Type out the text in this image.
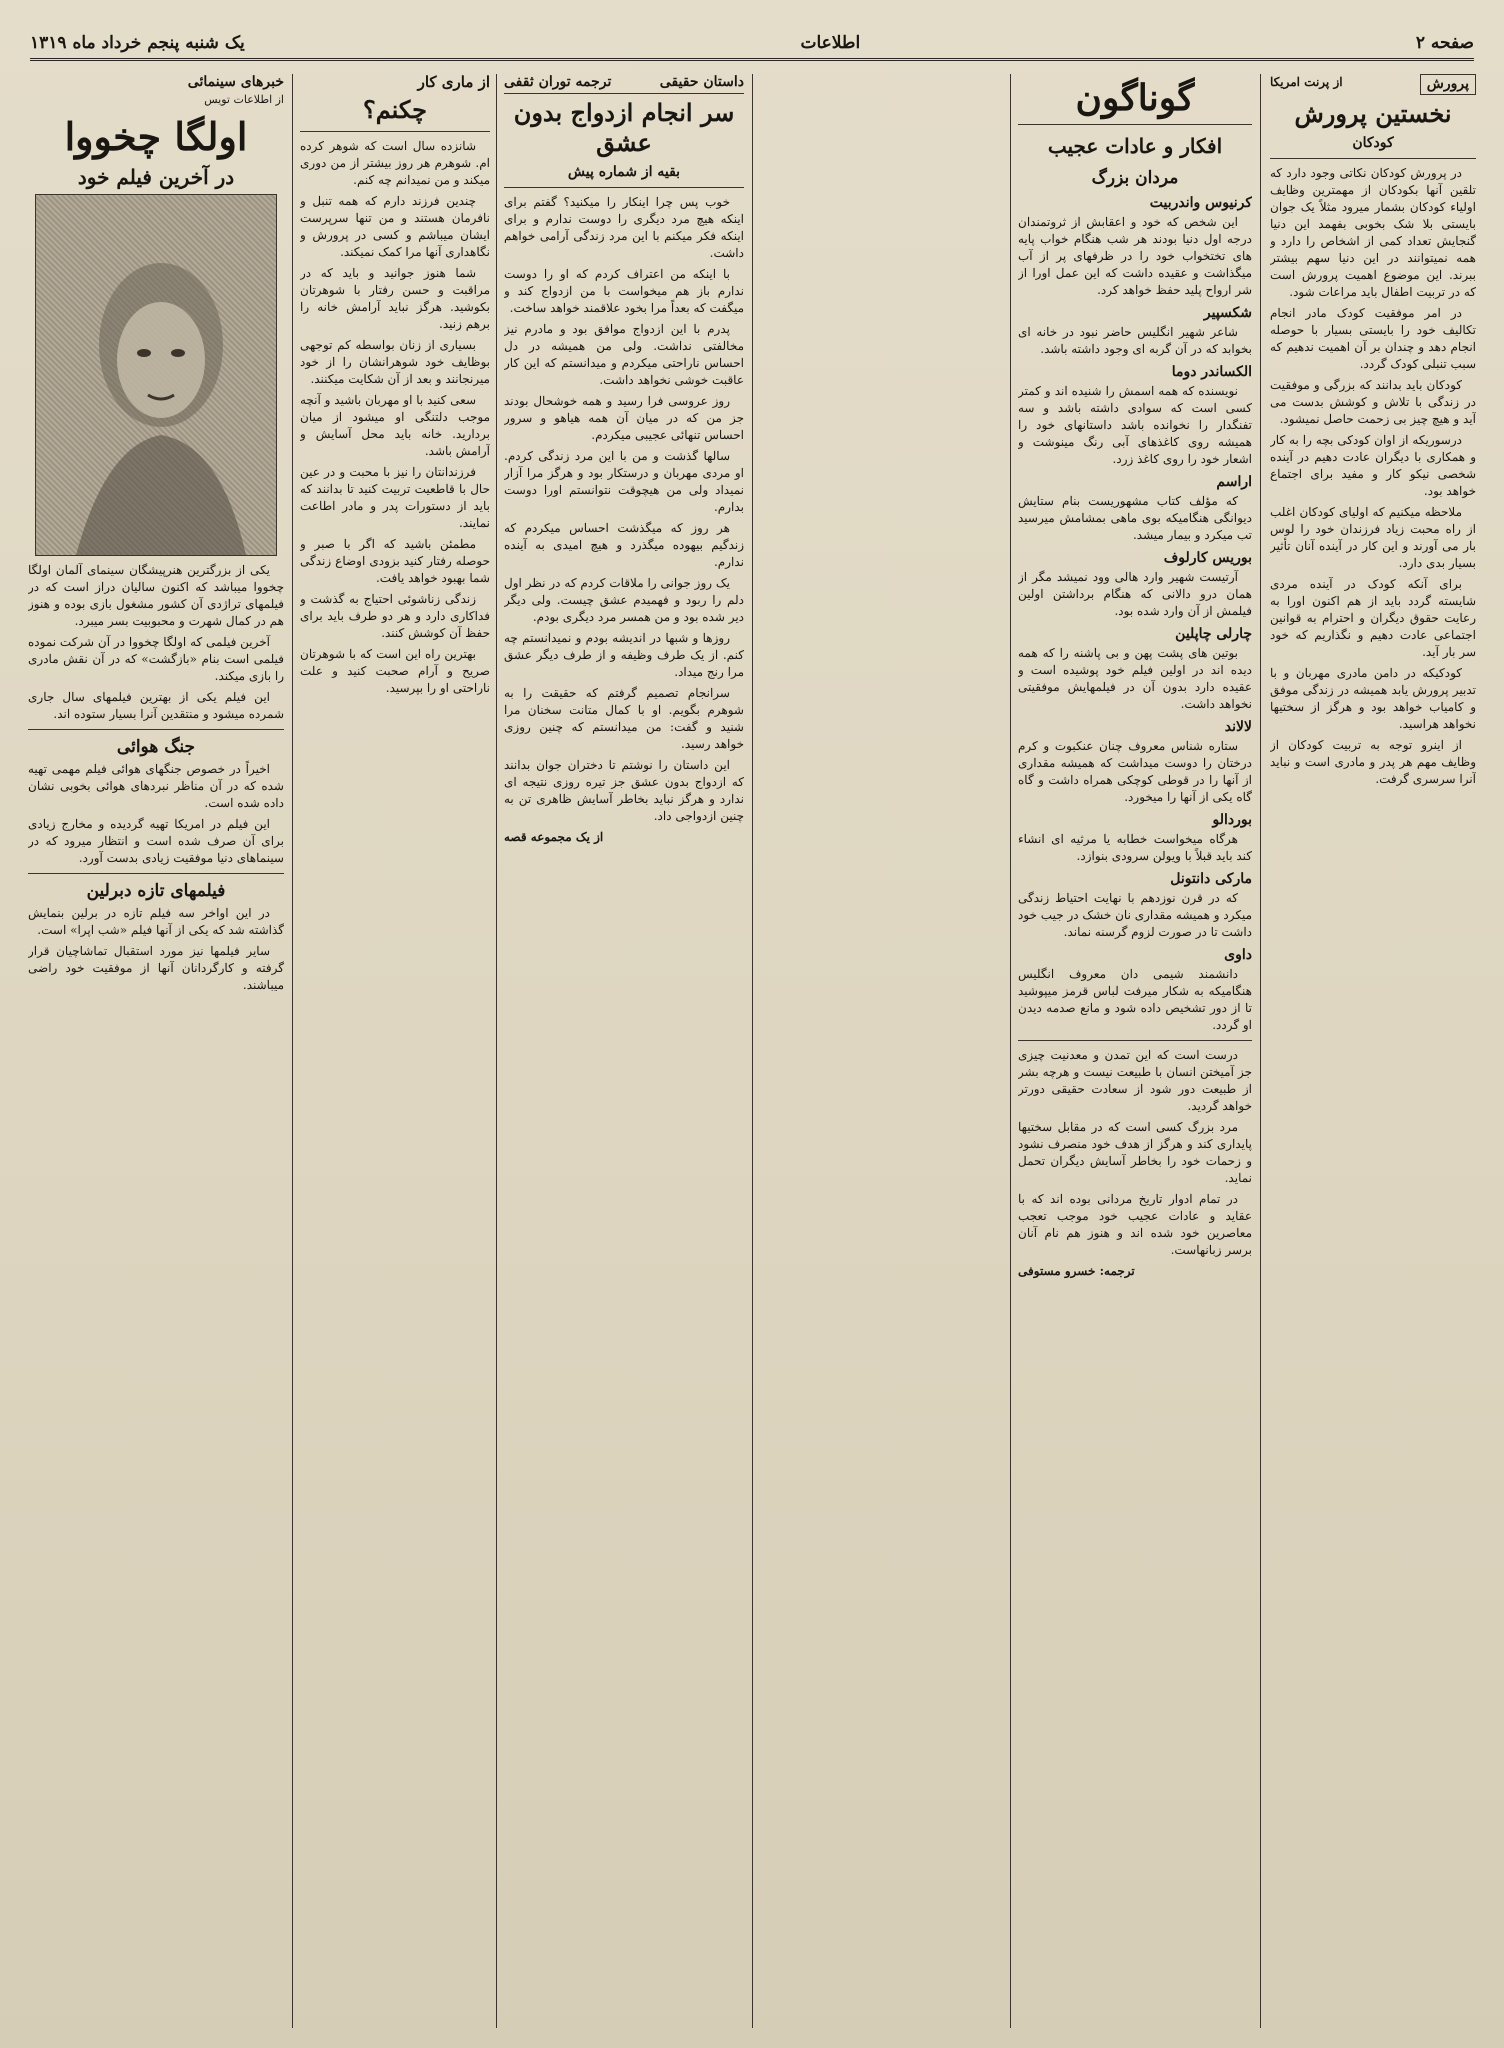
صفحه ۲
اطلاعات
یک شنبه پنجم خرداد ماه ۱۳۱۹
پرورش
از پرنت امریکا
نخستین پرورش
کودکان

در پرورش کودکان نکاتی وجود دارد که تلقین آنها بکودکان از مهمترین وظایف اولیاء کودکان بشمار میرود مثلاً یک جوان بایستی بلا شک بخوبی بفهمد این دنیا گنجایش تعداد کمی از اشخاص را دارد و همه نمیتوانند در این دنیا سهم بیشتر ببرند. این موضوع اهمیت پرورش است که در تربیت اطفال باید مراعات شود.

در امر موفقیت کودک مادر انجام تکالیف خود را بایستی بسیار با حوصله انجام دهد و چندان بر آن اهمیت ندهیم که سبب تنبلی کودک گردد.

کودکان باید بدانند که بزرگی و موفقیت در زندگی با تلاش و کوشش بدست می آید و هیچ چیز بی زحمت حاصل نمیشود.

درسوریکه از اوان کودکی بچه را به کار و همکاری با دیگران عادت دهیم در آینده شخصی نیکو کار و مفید برای اجتماع خواهد بود.

ملاحظه میکنیم که اولیای کودکان اغلب از راه محبت زیاد فرزندان خود را لوس بار می آورند و این کار در آینده آنان تأثیر بسیار بدی دارد.

برای آنکه کودک در آینده مردی شایسته گردد باید از هم اکنون اورا به رعایت حقوق دیگران و احترام به قوانین اجتماعی عادت دهیم و نگذاریم که خود سر بار آید.

کودکیکه در دامن مادری مهربان و با تدبیر پرورش یابد همیشه در زندگی موفق و کامیاب خواهد بود و هرگز از سختیها نخواهد هراسید.

از اینرو توجه به تربیت کودکان از وظایف مهم هر پدر و مادری است و نباید آنرا سرسری گرفت.

گوناگون
افکار و عادات عجیب
مردان بزرگ
کرنیوس واندربیت

این شخص که خود و اعقابش از ثروتمندان درجه اول دنیا بودند هر شب هنگام خواب پایه های تختخواب خود را در ظرفهای پر از آب میگذاشت و عقیده داشت که این عمل اورا از شر ارواح پلید حفظ خواهد کرد.

شکسپیر

شاعر شهیر انگلیس حاضر نبود در خانه ای بخوابد که در آن گربه ای وجود داشته باشد.

الکساندر دوما

نویسنده که همه اسمش را شنیده اند و کمتر کسی است که سوادی داشته باشد و سه تفنگدار را نخوانده باشد داستانهای خود را همیشه روی کاغذهای آبی رنگ مینوشت و اشعار خود را روی کاغذ زرد.

اراسم

که مؤلف کتاب مشهوریست بنام ستایش دیوانگی هنگامیکه بوی ماهی بمشامش میرسید تب میکرد و بیمار میشد.

بوریس کارلوف

آرتیست شهیر وارد هالی وود نمیشد مگر از همان درو دالانی که هنگام برداشتن اولین فیلمش از آن وارد شده بود.

چارلی چاپلین

بوتین های پشت پهن و بی پاشنه را که همه دیده اند در اولین فیلم خود پوشیده است و عقیده دارد بدون آن در فیلمهایش موفقیتی نخواهد داشت.

لالاند

ستاره شناس معروف چنان عنکبوت و کرم درختان را دوست میداشت که همیشه مقداری از آنها را در قوطی کوچکی همراه داشت و گاه گاه یکی از آنها را میخورد.

بوردالو

هرگاه میخواست خطابه یا مرثیه ای انشاء کند باید قبلاً با ویولن سرودی بنوازد.

مارکی دانتونل

که در قرن نوزدهم با نهایت احتیاط زندگی میکرد و همیشه مقداری نان خشک در جیب خود داشت تا در صورت لزوم گرسنه نماند.

داوی

دانشمند شیمی دان معروف انگلیس هنگامیکه به شکار میرفت لباس قرمز میپوشید تا از دور تشخیص داده شود و مانع صدمه دیدن او گردد.

درست است که این تمدن و معدنیت چیزی جز آمیختن انسان با طبیعت نیست و هرچه بشر از طبیعت دور شود از سعادت حقیقی دورتر خواهد گردید.

مرد بزرگ کسی است که در مقابل سختیها پایداری کند و هرگز از هدف خود منصرف نشود و زحمات خود را بخاطر آسایش دیگران تحمل نماید.

در تمام ادوار تاریخ مردانی بوده اند که با عقاید و عادات عجیب خود موجب تعجب معاصرین خود شده اند و هنوز هم نام آنان برسر زبانهاست.

ترجمه: خسرو مستوفی
داستان حقیقی
ترجمه توران ثقفی
سر انجام ازدواج بدون عشق
بقیه از شماره پیش

خوب پس چرا اینکار را میکنید؟ گفتم برای اینکه هیچ مرد دیگری را دوست ندارم و برای اینکه فکر میکنم با این مرد زندگی آرامی خواهم داشت.

با اینکه من اعتراف کردم که او را دوست ندارم باز هم میخواست با من ازدواج کند و میگفت که بعداً مرا بخود علاقمند خواهد ساخت.

پدرم با این ازدواج موافق بود و مادرم نیز مخالفتی نداشت. ولی من همیشه در دل احساس ناراحتی میکردم و میدانستم که این کار عاقبت خوشی نخواهد داشت.

روز عروسی فرا رسید و همه خوشحال بودند جز من که در میان آن همه هیاهو و سرور احساس تنهائی عجیبی میکردم.

سالها گذشت و من با این مرد زندگی کردم. او مردی مهربان و درستکار بود و هرگز مرا آزار نمیداد ولی من هیچوقت نتوانستم اورا دوست بدارم.

هر روز که میگذشت احساس میکردم که زندگیم بیهوده میگذرد و هیچ امیدی به آینده ندارم.

یک روز جوانی را ملاقات کردم که در نظر اول دلم را ربود و فهمیدم عشق چیست. ولی دیگر دیر شده بود و من همسر مرد دیگری بودم.

روزها و شبها در اندیشه بودم و نمیدانستم چه کنم. از یک طرف وظیفه و از طرف دیگر عشق مرا رنج میداد.

سرانجام تصمیم گرفتم که حقیقت را به شوهرم بگویم. او با کمال متانت سخنان مرا شنید و گفت: من میدانستم که چنین روزی خواهد رسید.

این داستان را نوشتم تا دختران جوان بدانند که ازدواج بدون عشق جز تیره روزی نتیجه ای ندارد و هرگز نباید بخاطر آسایش ظاهری تن به چنین ازدواجی داد.

از یک مجموعه قصه
از ماری کار
چکنم؟

شانزده سال است که شوهر کرده ام. شوهرم هر روز بیشتر از من دوری میکند و من نمیدانم چه کنم.

چندین فرزند دارم که همه تنبل و نافرمان هستند و من تنها سرپرست ایشان میباشم و کسی در پرورش و نگاهداری آنها مرا کمک نمیکند.

شما هنوز جوانید و باید که در مراقبت و حسن رفتار با شوهرتان بکوشید. هرگز نباید آرامش خانه را برهم زنید.

بسیاری از زنان بواسطه کم توجهی بوظایف خود شوهرانشان را از خود میرنجانند و بعد از آن شکایت میکنند.

سعی کنید با او مهربان باشید و آنچه موجب دلتنگی او میشود از میان بردارید. خانه باید محل آسایش و آرامش باشد.

فرزندانتان را نیز با محبت و در عین حال با قاطعیت تربیت کنید تا بدانند که باید از دستورات پدر و مادر اطاعت نمایند.

مطمئن باشید که اگر با صبر و حوصله رفتار کنید بزودی اوضاع زندگی شما بهبود خواهد یافت.

زندگی زناشوئی احتیاج به گذشت و فداکاری دارد و هر دو طرف باید برای حفظ آن کوشش کنند.

بهترین راه این است که با شوهرتان صریح و آرام صحبت کنید و علت ناراحتی او را بپرسید.

خبرهای سینمائی
از اطلاعات تویس
اولگا چخووا
در آخرین فیلم خود

یکی از بزرگترین هنرپیشگان سینمای آلمان اولگا چخووا میباشد که اکنون سالیان دراز است که در فیلمهای تراژدی آن کشور مشغول بازی بوده و هنوز هم در کمال شهرت و محبوبیت بسر میبرد.

آخرین فیلمی که اولگا چخووا در آن شرکت نموده فیلمی است بنام «بازگشت» که در آن نقش مادری را بازی میکند.

این فیلم یکی از بهترین فیلمهای سال جاری شمرده میشود و منتقدین آنرا بسیار ستوده اند.

جنگ هوائی

اخیراً در خصوص جنگهای هوائی فیلم مهمی تهیه شده که در آن مناظر نبردهای هوائی بخوبی نشان داده شده است.

این فیلم در امریکا تهیه گردیده و مخارج زیادی برای آن صرف شده است و انتظار میرود که در سینماهای دنیا موفقیت زیادی بدست آورد.

فیلمهای تازه دبرلین

در این اواخر سه فیلم تازه در برلین بنمایش گذاشته شد که یکی از آنها فیلم «شب اپرا» است.

سایر فیلمها نیز مورد استقبال تماشاچیان قرار گرفته و کارگردانان آنها از موفقیت خود راضی میباشند.
